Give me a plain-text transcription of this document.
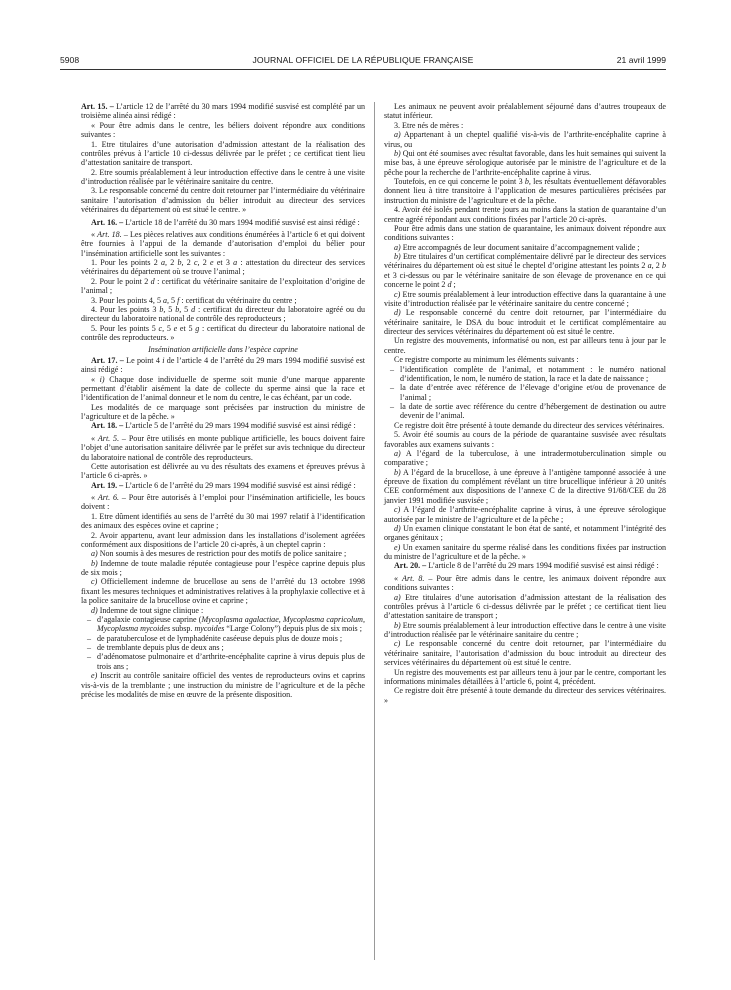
5908	JOURNAL OFFICIEL DE LA RÉPUBLIQUE FRANÇAISE	21 avril 1999

Art. 15. – L’article 12 de l’arrêté du 30 mars 1994 modifié susvisé est complété par un troisième alinéa ainsi rédigé :

« Pour être admis dans le centre, les béliers doivent répondre aux conditions suivantes :

1. Etre titulaires d’une autorisation d’admission attestant de la réalisation des contrôles prévus à l’article 10 ci-dessus délivrée par le préfet ; ce certificat tient lieu d’attestation sanitaire de transport.

2. Etre soumis préalablement à leur introduction effective dans le centre à une visite d’introduction réalisée par le vétérinaire sanitaire du centre.

3. Le responsable concerné du centre doit retourner par l’intermédiaire du vétérinaire sanitaire l’autorisation d’admission du bélier introduit au directeur des services vétérinaires du département où est situé le centre. »

Art. 16. – L’article 18 de l’arrêté du 30 mars 1994 modifié susvisé est ainsi rédigé :

« Art. 18. – Les pièces relatives aux conditions énumérées à l’article 6 et qui doivent être fournies à l’appui de la demande d’autorisation d’emploi du bélier pour l’insémination artificielle sont les suivantes :

1. Pour les points 2 a, 2 b, 2 c, 2 e et 3 a : attestation du directeur des services vétérinaires du département où se trouve l’animal ;

2. Pour le point 2 d : certificat du vétérinaire sanitaire de l’exploitation d’origine de l’animal ;

3. Pour les points 4, 5 a, 5 f : certificat du vétérinaire du centre ;

4. Pour les points 3 b, 5 b, 5 d : certificat du directeur du laboratoire agréé ou du directeur du laboratoire national de contrôle des reproducteurs ;

5. Pour les points 5 c, 5 e et 5 g : certificat du directeur du laboratoire national de contrôle des reproducteurs. »

Insémination artificielle dans l’espèce caprine

Art. 17. – Le point 4 i de l’article 4 de l’arrêté du 29 mars 1994 modifié susvisé est ainsi rédigé :

« i) Chaque dose individuelle de sperme soit munie d’une marque apparente permettant d’établir aisément la date de collecte du sperme ainsi que la race et l’identification de l’animal donneur et le nom du centre, le cas échéant, par un code.

Les modalités de ce marquage sont précisées par instruction du ministre de l’agriculture et de la pêche. »

Art. 18. – L’article 5 de l’arrêté du 29 mars 1994 modifié susvisé est ainsi rédigé :

« Art. 5. – Pour être utilisés en monte publique artificielle, les boucs doivent faire l’objet d’une autorisation sanitaire délivrée par le préfet sur avis technique du directeur du laboratoire national de contrôle des reproducteurs.

Cette autorisation est délivrée au vu des résultats des examens et épreuves prévus à l’article 6 ci-après. »

Art. 19. – L’article 6 de l’arrêté du 29 mars 1994 modifié susvisé est ainsi rédigé :

« Art. 6. – Pour être autorisés à l’emploi pour l’insémination artificielle, les boucs doivent :

1. Etre dûment identifiés au sens de l’arrêté du 30 mai 1997 relatif à l’identification des animaux des espèces ovine et caprine ;

2. Avoir appartenu, avant leur admission dans les installations d’isolement agréées conformément aux dispositions de l’article 20 ci-après, à un cheptel caprin :

a) Non soumis à des mesures de restriction pour des motifs de police sanitaire ;

b) Indemne de toute maladie réputée contagieuse pour l’espèce caprine depuis plus de six mois ;

c) Officiellement indemne de brucellose au sens de l’arrêté du 13 octobre 1998 fixant les mesures techniques et administratives relatives à la prophylaxie collective et à la police sanitaire de la brucellose ovine et caprine ;

d) Indemne de tout signe clinique :

– d’agalaxie contagieuse caprine (Mycoplasma agalactiae, Mycoplasma capricolum, Mycoplasma mycoides subsp. mycoides “Large Colony”) depuis plus de six mois ;
– de paratuberculose et de lymphadénite caséeuse depuis plus de douze mois ;
– de tremblante depuis plus de deux ans ;
– d’adénomatose pulmonaire et d’arthrite-encéphalite caprine à virus depuis plus de trois ans ;

e) Inscrit au contrôle sanitaire officiel des ventes de reproducteurs ovins et caprins vis-à-vis de la tremblante ; une instruction du ministre de l’agriculture et de la pêche précise les modalités de mise en œuvre de la présente disposition.

Les animaux ne peuvent avoir préalablement séjourné dans d’autres troupeaux de statut inférieur.

3. Etre nés de mères :

a) Appartenant à un cheptel qualifié vis-à-vis de l’arthrite-encéphalite caprine à virus, ou

b) Qui ont été soumises avec résultat favorable, dans les huit semaines qui suivent la mise bas, à une épreuve sérologique autorisée par le ministre de l’agriculture et de la pêche pour la recherche de l’arthrite-encéphalite caprine à virus.

Toutefois, en ce qui concerne le point 3 b, les résultats éventuellement défavorables donnent lieu à titre transitoire à l’application de mesures particulières précisées par instruction du ministre de l’agriculture et de la pêche.

4. Avoir été isolés pendant trente jours au moins dans la station de quarantaine d’un centre agréé répondant aux conditions fixées par l’article 20 ci-après.

Pour être admis dans une station de quarantaine, les animaux doivent répondre aux conditions suivantes :

a) Etre accompagnés de leur document sanitaire d’accompagnement valide ;

b) Etre titulaires d’un certificat complémentaire délivré par le directeur des services vétérinaires du département où est situé le cheptel d’origine attestant les points 2 a, 2 b et 3 ci-dessus ou par le vétérinaire sanitaire de son élevage de provenance en ce qui concerne le point 2 d ;

c) Etre soumis préalablement à leur introduction effective dans la quarantaine à une visite d’introduction réalisée par le vétérinaire sanitaire du centre concerné ;

d) Le responsable concerné du centre doit retourner, par l’intermédiaire du vétérinaire sanitaire, le DSA du bouc introduit et le certificat complémentaire au directeur des services vétérinaires du département où est situé le centre.

Un registre des mouvements, informatisé ou non, est par ailleurs tenu à jour par le centre.

Ce registre comporte au minimum les éléments suivants :

– l’identification complète de l’animal, et notamment : le numéro national d’identification, le nom, le numéro de station, la race et la date de naissance ;
– la date d’entrée avec référence de l’élevage d’origine et/ou de provenance de l’animal ;
– la date de sortie avec référence du centre d’hébergement de destination ou autre devenir de l’animal.

Ce registre doit être présenté à toute demande du directeur des services vétérinaires.

5. Avoir été soumis au cours de la période de quarantaine susvisée avec résultats favorables aux examens suivants :

a) A l’égard de la tuberculose, à une intradermotuberculination simple ou comparative ;

b) A l’égard de la brucellose, à une épreuve à l’antigène tamponné associée à une épreuve de fixation du complément révélant un titre brucellique inférieur à 20 unités CEE conformément aux dispositions de l’annexe C de la directive 91/68/CEE du 28 janvier 1991 modifiée susvisée ;

c) A l’égard de l’arthrite-encéphalite caprine à virus, à une épreuve sérologique autorisée par le ministre de l’agriculture et de la pêche ;

d) Un examen clinique constatant le bon état de santé, et notamment l’intégrité des organes génitaux ;

e) Un examen sanitaire du sperme réalisé dans les conditions fixées par instruction du ministre de l’agriculture et de la pêche. »

Art. 20. – L’article 8 de l’arrêté du 29 mars 1994 modifié susvisé est ainsi rédigé :

« Art. 8. – Pour être admis dans le centre, les animaux doivent répondre aux conditions suivantes :

a) Etre titulaires d’une autorisation d’admission attestant de la réalisation des contrôles prévus à l’article 6 ci-dessus délivrée par le préfet ; ce certificat tient lieu d’attestation sanitaire de transport ;

b) Etre soumis préalablement à leur introduction effective dans le centre à une visite d’introduction réalisée par le vétérinaire sanitaire du centre ;

c) Le responsable concerné du centre doit retourner, par l’intermédiaire du vétérinaire sanitaire, l’autorisation d’admission du bouc introduit au directeur des services vétérinaires du département où est situé le centre.

Un registre des mouvements est par ailleurs tenu à jour par le centre, comportant les informations minimales détaillées à l’article 6, point 4, précédent.

Ce registre doit être présenté à toute demande du directeur des services vétérinaires. »
